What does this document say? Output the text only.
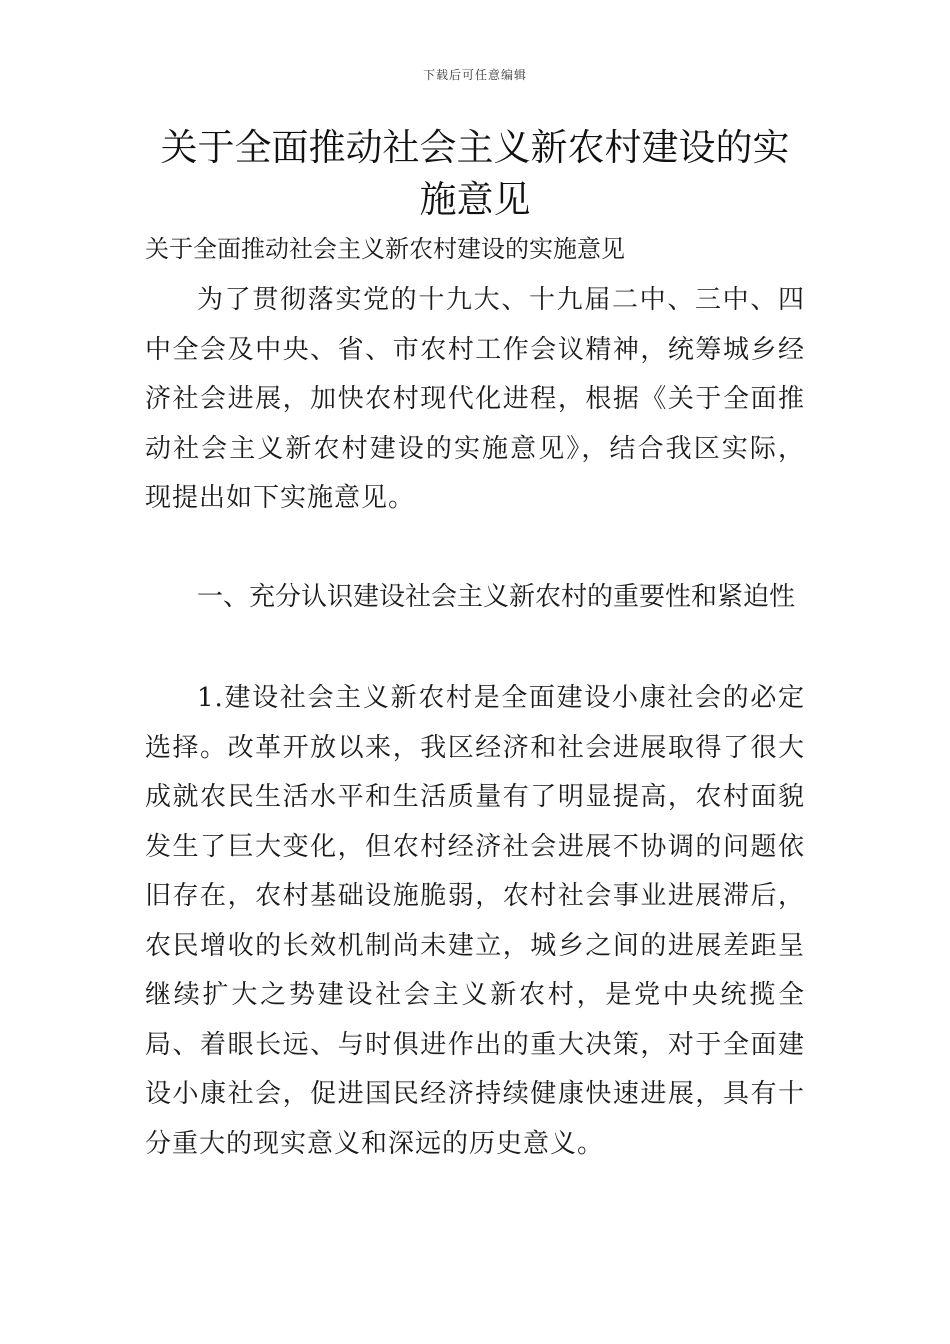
下载后可任意编辑
关于全面推动社会主义新农村建设的实施意见

关于全面推动社会主义新农村建设的实施意见

为了贯彻落实党的十九大、十九届二中、三中、四中全会及中央、省、市农村工作会议精神，统筹城乡经济社会进展，加快农村现代化进程，根据《关于全面推动社会主义新农村建设的实施意见》，结合我区实际，现提出如下实施意见。

一、充分认识建设社会主义新农村的重要性和紧迫性

1.建设社会主义新农村是全面建设小康社会的必定选择。改革开放以来，我区经济和社会进展取得了很大成就农民生活水平和生活质量有了明显提高，农村面貌发生了巨大变化，但农村经济社会进展不协调的问题依旧存在，农村基础设施脆弱，农村社会事业进展滞后，农民增收的长效机制尚未建立，城乡之间的进展差距呈继续扩大之势建设社会主义新农村，是党中央统揽全局、着眼长远、与时俱进作出的重大决策，对于全面建设小康社会，促进国民经济持续健康快速进展，具有十分重大的现实意义和深远的历史意义。
